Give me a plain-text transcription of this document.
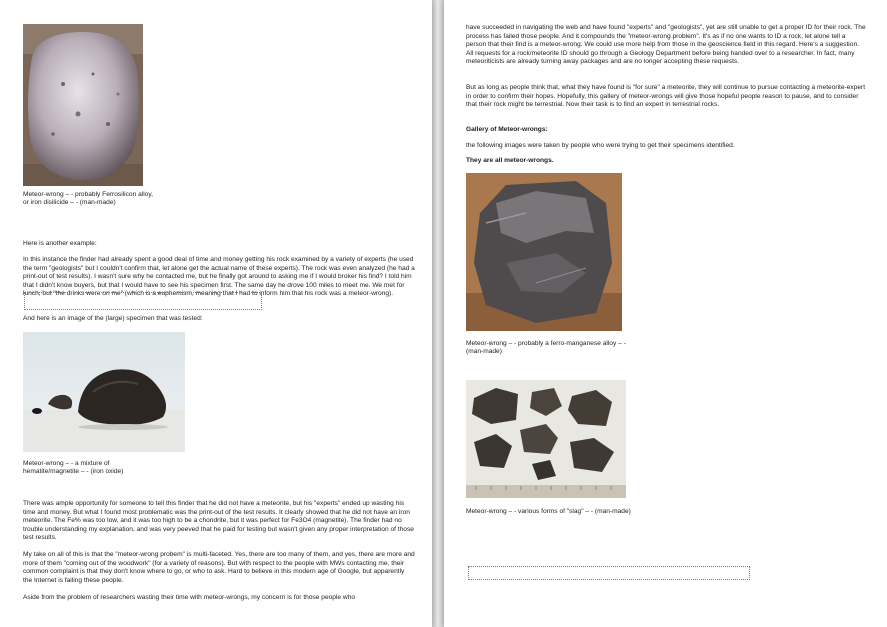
Meteor-wrong – - probably Ferrosilicon alloy, or iron disilicide – - (man-made)

Here is another example:

In this instance the finder had already spent a good deal of time and money getting his rock examined by a variety of experts (he used the term "geologists" but I couldn't confirm that, let alone get the actual name of these experts). The rock was even analyzed (he had a print-out of test results). I wasn't sure why he contacted me, but he finally got around to asking me if I would broker his find? I told him that I didn't know buyers, but that I would have to see his specimen first. The same day he drove 100 miles to meet me. We met for lunch, but "the drinks were on me" (which is a euphemism, meaning that I had to inform him that his rock was a meteor-wrong).

And here is an image of the (large) specimen that was tested:

Meteor-wrong – - a mixture of hematite/magnetite – - (iron oxide)

There was ample opportunity for someone to tell this finder that he did not have a meteorite, but his "experts" ended up wasting his time and money. But what I found most problematic was the print-out of the test results. It clearly showed that he did not have an iron meteorite. The Fe% was too low, and it was too high to be a chondrite, but it was perfect for Fe3O4 (magnetite). The finder had no trouble understanding my explanation, and was very peeved that he paid for testing but wasn't given any proper interpretation of those test results.

My take on all of this is that the "meteor-wrong probem" is multi-faceted. Yes, there are too many of them, and yes, there are more and more of them "coming out of the woodwork" (for a variety of reasons). But with respect to the people with MWs contacting me, their common complaint is that they don't know where to go, or who to ask. Hard to believe in this modern age of Google, but apparently the Internet is failing these people.

Aside from the problem of researchers wasting their time with meteor-wrongs, my concern is for those people who

have succeeded in navigating the web and have found "experts" and "geologists", yet are still unable to get a proper ID for their rock. The process has failed those people. And it compounds the "meteor-wrong problem". It's as if no one wants to ID a rock, let alone tell a person that their find is a meteor-wrong. We could use more help from those in the geoscience field in this regard. Here's a suggestion. All requests for a rock/meteorite ID should go through a Geology Department before being handed over to a researcher. In fact, many meteoriticists are already turning away packages and are no longer accepting these requests.

But as long as people think that, what they have found is "for sure" a meteorite, they will continue to pursue contacting a meteorite-expert in order to confirm their hopes. Hopefully, this gallery of meteor-wrongs will give those hopeful people reason to pause, and to consider that their rock might be terrestrial. Now their task is to find an expert in terrestrial rocks.

Gallery of Meteor-wrongs:

the following images were taken by people who were trying to get their specimens identified.

They are all meteor-wrongs.

Meteor-wrong – - probably a ferro-manganese alloy – - (man-made)
Meteor-wrong – - various forms of "slag" – - (man-made)
